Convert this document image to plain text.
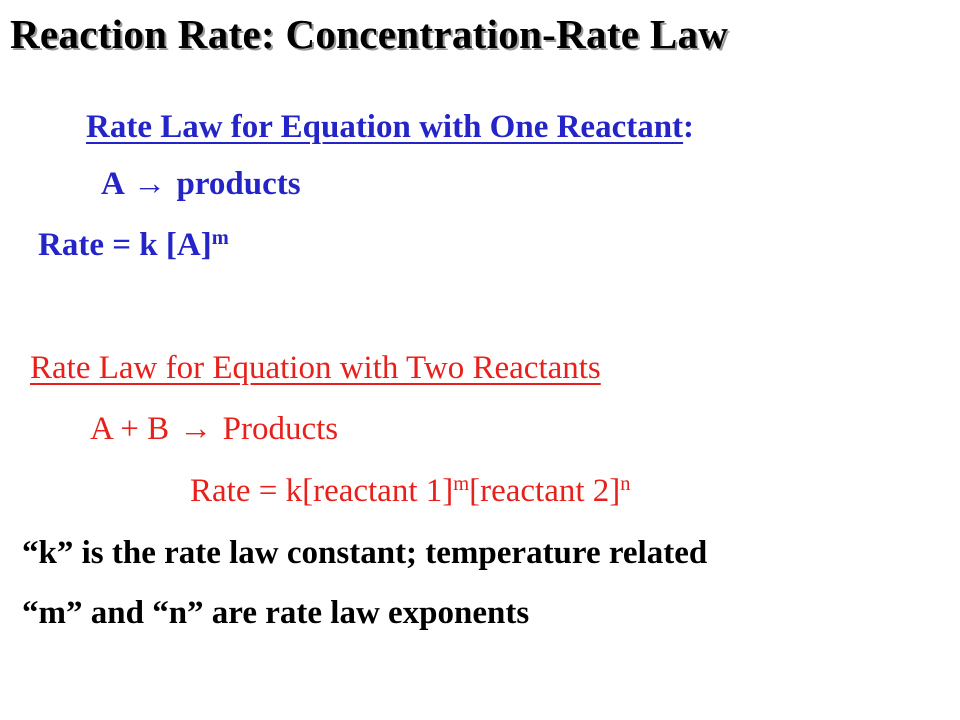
Reaction Rate: Concentration-Rate Law
Rate Law for Equation with One Reactant:
A → products
Rate = k $[A]^m$
Rate Law for Equation with Two Reactants
A + B → Products
Rate = k[reactant 1]$^m$[reactant 2]$^n$
“k” is the rate law constant; temperature related
“m” and “n” are rate law exponents
